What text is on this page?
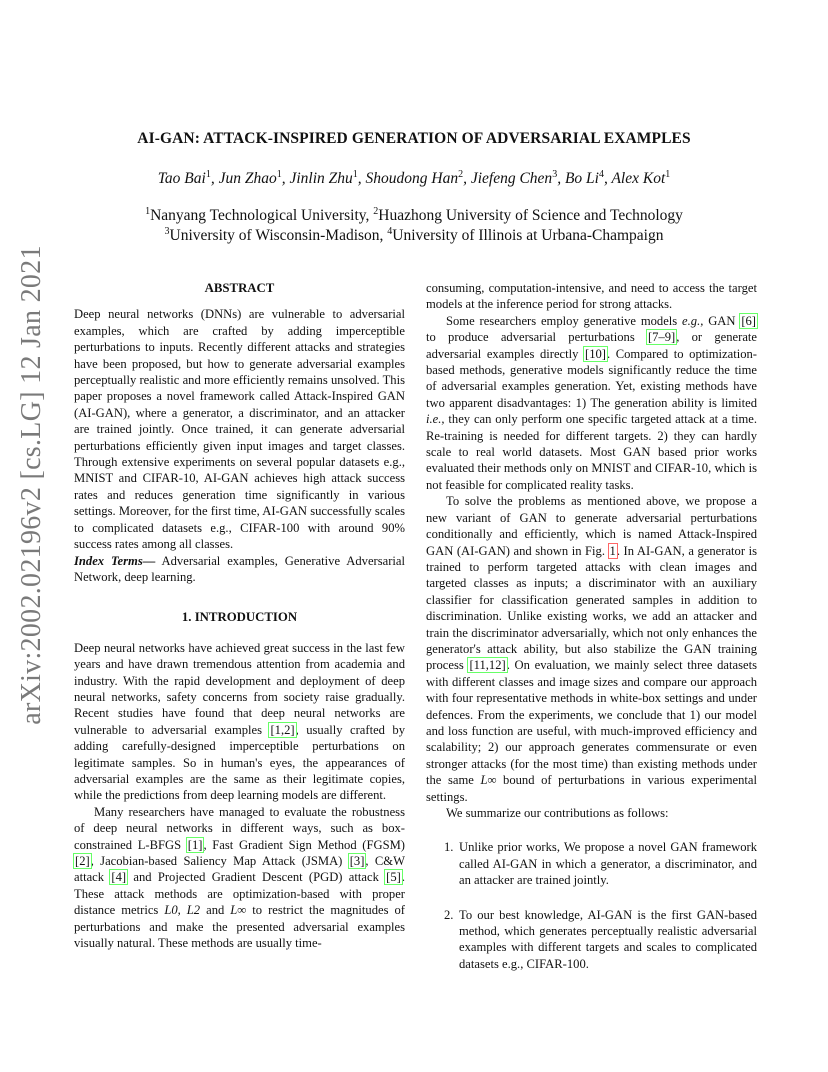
arXiv:2002.02196v2 [cs.LG] 12 Jan 2021
AI-GAN: ATTACK-INSPIRED GENERATION OF ADVERSARIAL EXAMPLES
Tao Bai$^1$, Jun Zhao$^1$, Jinlin Zhu$^1$, Shoudong Han$^2$, Jiefeng Chen$^3$, Bo Li$^4$, Alex Kot$^1$
$^1$Nanyang Technological University, $^2$Huazhong University of Science and Technology
$^3$University of Wisconsin-Madison, $^4$University of Illinois at Urbana-Champaign

ABSTRACT

Deep neural networks (DNNs) are vulnerable to adversarial examples, which are crafted by adding imperceptible perturbations to inputs. Recently different attacks and strategies have been proposed, but how to generate adversarial examples perceptually realistic and more efficiently remains unsolved. This paper proposes a novel framework called Attack-Inspired GAN (AI-GAN), where a generator, a discriminator, and an attacker are trained jointly. Once trained, it can generate adversarial perturbations efficiently given input images and target classes. Through extensive experiments on several popular datasets e.g., MNIST and CIFAR-10, AI-GAN achieves high attack success rates and reduces generation time significantly in various settings. Moreover, for the first time, AI-GAN successfully scales to complicated datasets e.g., CIFAR-100 with around 90% success rates among all classes.

Index Terms— Adversarial examples, Generative Adversarial Network, deep learning.

1. INTRODUCTION

Deep neural networks have achieved great success in the last few years and have drawn tremendous attention from academia and industry. With the rapid development and deployment of deep neural networks, safety concerns from society raise gradually. Recent studies have found that deep neural networks are vulnerable to adversarial examples [1,2], usually crafted by adding carefully-designed imperceptible perturbations on legitimate samples. So in human's eyes, the appearances of adversarial examples are the same as their legitimate copies, while the predictions from deep learning models are different.

Many researchers have managed to evaluate the robustness of deep neural networks in different ways, such as box-constrained L-BFGS [1], Fast Gradient Sign Method (FGSM) [2], Jacobian-based Saliency Map Attack (JSMA) [3], C&W attack [4] and Projected Gradient Descent (PGD) attack [5]. These attack methods are optimization-based with proper distance metrics L0, L2 and L∞ to restrict the magnitudes of perturbations and make the presented adversarial examples visually natural. These methods are usually time-

consuming, computation-intensive, and need to access the target models at the inference period for strong attacks.

Some researchers employ generative models e.g., GAN [6] to produce adversarial perturbations [7–9], or generate adversarial examples directly [10]. Compared to optimization-based methods, generative models significantly reduce the time of adversarial examples generation. Yet, existing methods have two apparent disadvantages: 1) The generation ability is limited i.e., they can only perform one specific targeted attack at a time. Re-training is needed for different targets. 2) they can hardly scale to real world datasets. Most GAN based prior works evaluated their methods only on MNIST and CIFAR-10, which is not feasible for complicated reality tasks.

To solve the problems as mentioned above, we propose a new variant of GAN to generate adversarial perturbations conditionally and efficiently, which is named Attack-Inspired GAN (AI-GAN) and shown in Fig. 1. In AI-GAN, a generator is trained to perform targeted attacks with clean images and targeted classes as inputs; a discriminator with an auxiliary classifier for classification generated samples in addition to discrimination. Unlike existing works, we add an attacker and train the discriminator adversarially, which not only enhances the generator's attack ability, but also stabilize the GAN training process [11,12]. On evaluation, we mainly select three datasets with different classes and image sizes and compare our approach with four representative methods in white-box settings and under defences. From the experiments, we conclude that 1) our model and loss function are useful, with much-improved efficiency and scalability; 2) our approach generates commensurate or even stronger attacks (for the most time) than existing methods under the same L∞ bound of perturbations in various experimental settings.

We summarize our contributions as follows:

1. Unlike prior works, We propose a novel GAN framework called AI-GAN in which a generator, a discriminator, and an attacker are trained jointly.
2. To our best knowledge, AI-GAN is the first GAN-based method, which generates perceptually realistic adversarial examples with different targets and scales to complicated datasets e.g., CIFAR-100.
